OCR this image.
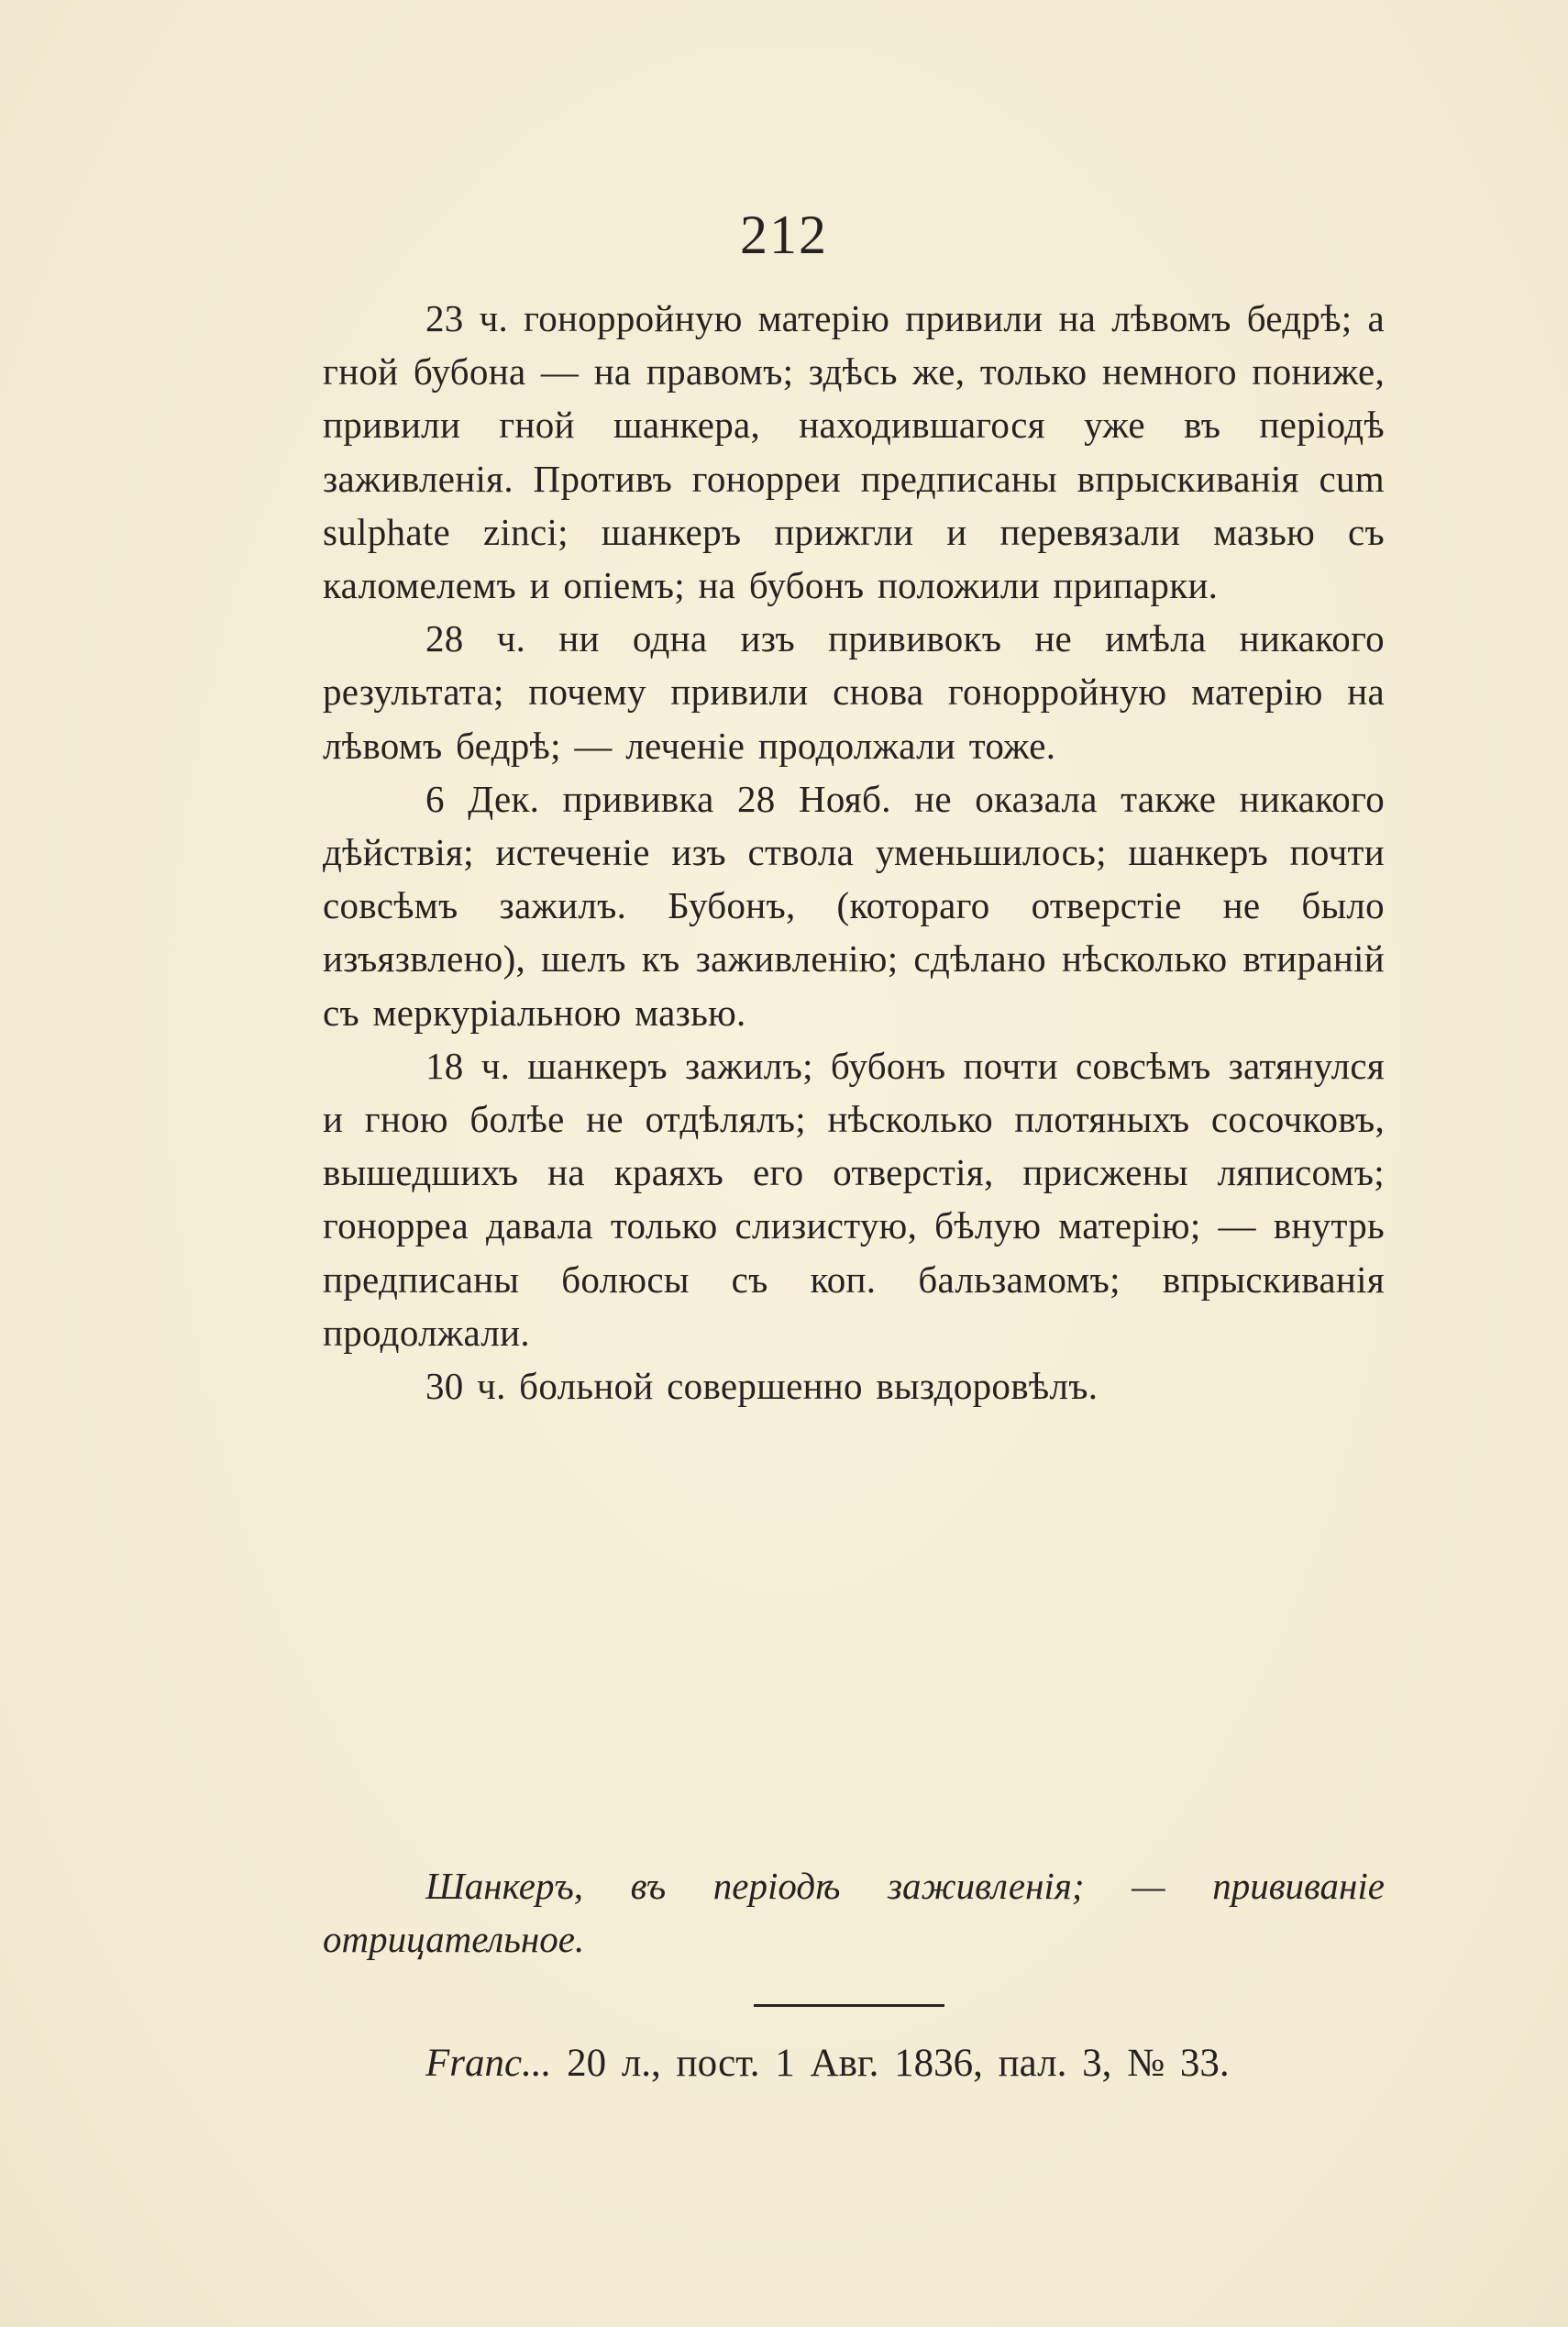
212

23 ч. гонорройную матерію привили на лѣвомъ бедрѣ; а гной бубона — на правомъ; здѣсь же, только немного пониже, привили гной шанкера, находившагося уже въ періодѣ заживленія. Противъ гонорреи предписаны впрыскиванія cum sulphate zinci; шанкеръ прижгли и перевязали мазью съ каломелемъ и опіемъ; на бубонъ положили припарки.

28 ч. ни одна изъ прививокъ не имѣла никакого результата; почему привили снова гонорройную матерію на лѣвомъ бедрѣ; — леченіе продолжали тоже.

6 Дек. прививка 28 Нояб. не оказала также никакого дѣйствія; истеченіе изъ ствола уменьшилось; шанкеръ почти совсѣмъ зажилъ. Бубонъ, (котораго отверстіе не было изъязвлено), шелъ къ заживленію; сдѣлано нѣсколько втираній съ меркуріальною мазью.

18 ч. шанкеръ зажилъ; бубонъ почти совсѣмъ затянулся и гною болѣе не отдѣлялъ; нѣсколько плотяныхъ сосочковъ, вышедшихъ на краяхъ его отверстія, присжены ляписомъ; гонорреа давала только слизистую, бѣлую матерію; — внутрь предписаны болюсы съ коп. бальзамомъ; впрыскиванія продолжали.

30 ч. больной совершенно выздоровѣлъ.

Шанкеръ, въ періодѣ заживленія; — прививаніе отрицательное.

Franc... 20 л., пост. 1 Авг. 1836, пал. 3, № 33.
